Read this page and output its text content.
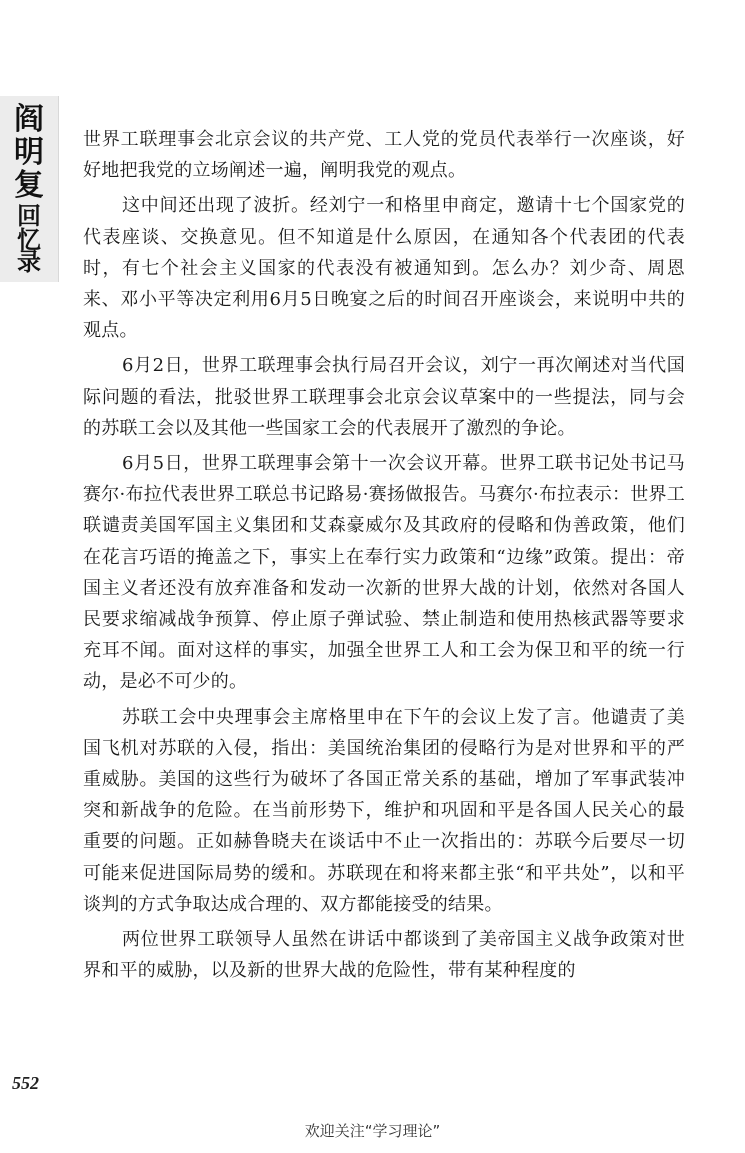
阎
明
复
回
忆
录

世界工联理事会北京会议的共产党、工人党的党员代表举行一次座谈，好好地把我党的立场阐述一遍，阐明我党的观点。

这中间还出现了波折。经刘宁一和格里申商定，邀请十七个国家党的代表座谈、交换意见。但不知道是什么原因，在通知各个代表团的代表时，有七个社会主义国家的代表没有被通知到。怎么办？刘少奇、周恩来、邓小平等决定利用6月5日晚宴之后的时间召开座谈会，来说明中共的观点。

6月2日，世界工联理事会执行局召开会议，刘宁一再次阐述对当代国际问题的看法，批驳世界工联理事会北京会议草案中的一些提法，同与会的苏联工会以及其他一些国家工会的代表展开了激烈的争论。

6月5日，世界工联理事会第十一次会议开幕。世界工联书记处书记马赛尔·布拉代表世界工联总书记路易·赛扬做报告。马赛尔·布拉表示：世界工联谴责美国军国主义集团和艾森豪威尔及其政府的侵略和伪善政策，他们在花言巧语的掩盖之下，事实上在奉行实力政策和“边缘”政策。提出：帝国主义者还没有放弃准备和发动一次新的世界大战的计划，依然对各国人民要求缩减战争预算、停止原子弹试验、禁止制造和使用热核武器等要求充耳不闻。面对这样的事实，加强全世界工人和工会为保卫和平的统一行动，是必不可少的。

苏联工会中央理事会主席格里申在下午的会议上发了言。他谴责了美国飞机对苏联的入侵，指出：美国统治集团的侵略行为是对世界和平的严重威胁。美国的这些行为破坏了各国正常关系的基础，增加了军事武装冲突和新战争的危险。在当前形势下，维护和巩固和平是各国人民关心的最重要的问题。正如赫鲁晓夫在谈话中不止一次指出的：苏联今后要尽一切可能来促进国际局势的缓和。苏联现在和将来都主张“和平共处”，以和平谈判的方式争取达成合理的、双方都能接受的结果。

两位世界工联领导人虽然在讲话中都谈到了美帝国主义战争政策对世界和平的威胁，以及新的世界大战的危险性，带有某种程度的

552
欢迎关注“学习理论”
